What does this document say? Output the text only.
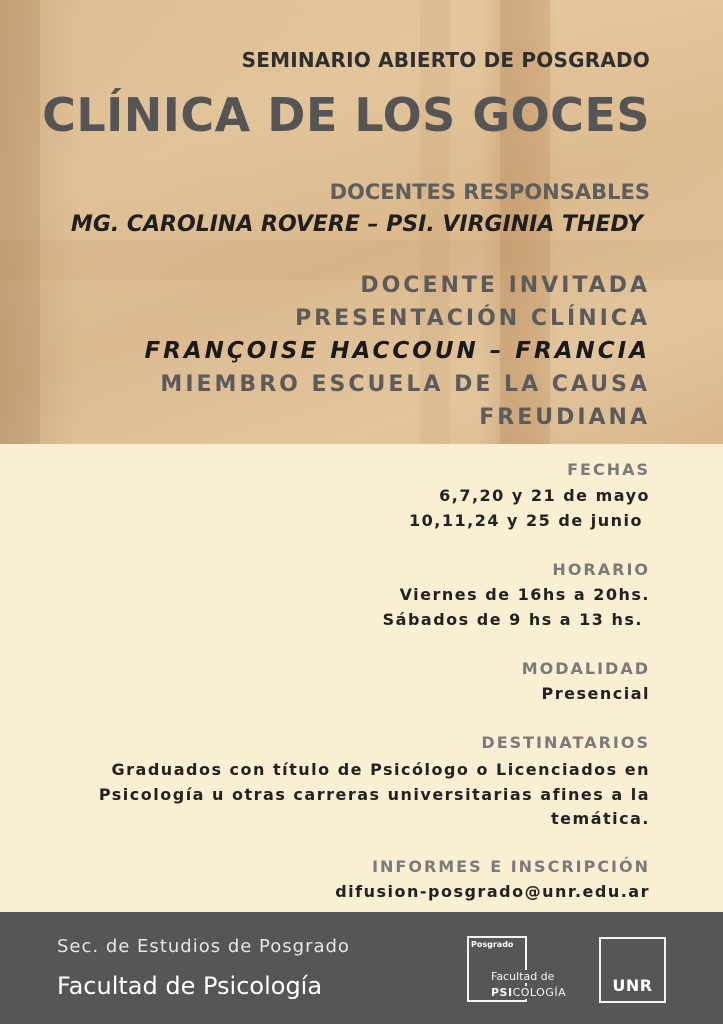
SEMINARIO ABIERTO DE POSGRADO

CLÍNICA DE LOS GOCES

DOCENTES RESPONSABLES

MG. CAROLINA ROVERE – PSI. VIRGINIA THEDY

DOCENTE INVITADA

PRESENTACIÓN CLÍNICA

FRANÇOISE HACCOUN – FRANCIA

MIEMBRO ESCUELA DE LA CAUSA

FREUDIANA

FECHAS

6,7,20 y 21 de mayo

10,11,24 y 25 de junio

HORARIO

Viernes de 16hs a 20hs.

Sábados de 9 hs a 13 hs.

MODALIDAD

Presencial

DESTINATARIOS

Graduados con título de Psicólogo o Licenciados en
Psicología u otras carreras universitarias afines a la
temática.

INFORMES E INSCRIPCIÓN

difusion-posgrado@unr.edu.ar

Sec. de Estudios de Posgrado

Facultad de Psicología

Posgrado
Facultad de
PSICOLOGÍA	UNR
